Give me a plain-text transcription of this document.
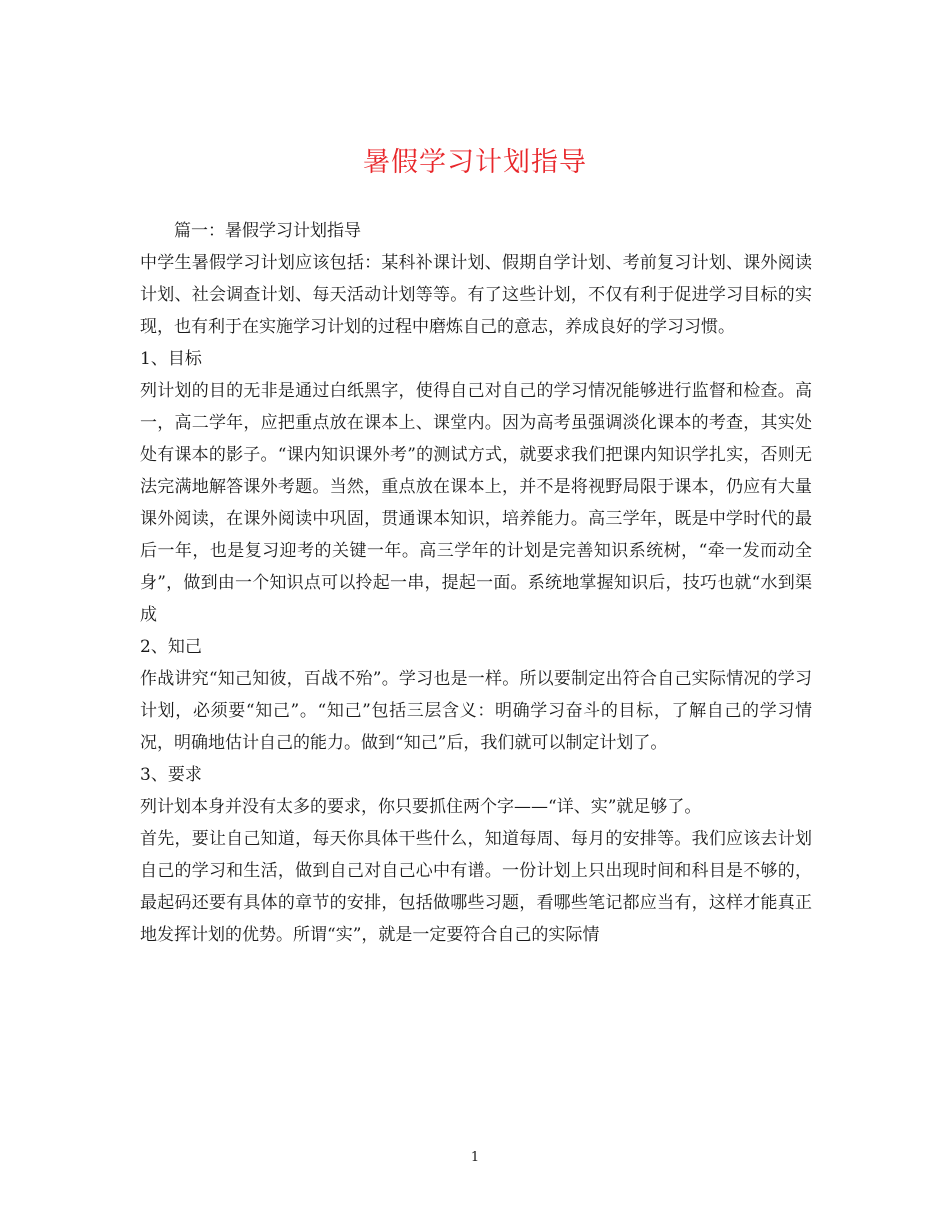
暑假学习计划指导

篇一：暑假学习计划指导

中学生暑假学习计划应该包括：某科补课计划、假期自学计划、考前复习计划、课外阅读计划、社会调查计划、每天活动计划等等。有了这些计划，不仅有利于促进学习目标的实现，也有利于在实施学习计划的过程中磨炼自己的意志，养成良好的学习习惯。

1、目标

列计划的目的无非是通过白纸黑字，使得自己对自己的学习情况能够进行监督和检查。高一，高二学年，应把重点放在课本上、课堂内。因为高考虽强调淡化课本的考查，其实处处有课本的影子。“课内知识课外考”的测试方式，就要求我们把课内知识学扎实，否则无法完满地解答课外考题。当然，重点放在课本上，并不是将视野局限于课本，仍应有大量课外阅读，在课外阅读中巩固，贯通课本知识，培养能力。高三学年，既是中学时代的最后一年，也是复习迎考的关键一年。高三学年的计划是完善知识系统树，“牵一发而动全身”，做到由一个知识点可以拎起一串，提起一面。系统地掌握知识后，技巧也就“水到渠成

2、知己

作战讲究“知己知彼，百战不殆”。学习也是一样。所以要制定出符合自己实际情况的学习计划，必须要“知己”。“知己”包括三层含义：明确学习奋斗的目标，了解自己的学习情况，明确地估计自己的能力。做到“知己”后，我们就可以制定计划了。

3、要求

列计划本身并没有太多的要求，你只要抓住两个字——“详、实”就足够了。

首先，要让自己知道，每天你具体干些什么，知道每周、每月的安排等。我们应该去计划自己的学习和生活，做到自己对自己心中有谱。一份计划上只出现时间和科目是不够的，最起码还要有具体的章节的安排，包括做哪些习题，看哪些笔记都应当有，这样才能真正地发挥计划的优势。所谓“实”，就是一定要符合自己的实际情

1
